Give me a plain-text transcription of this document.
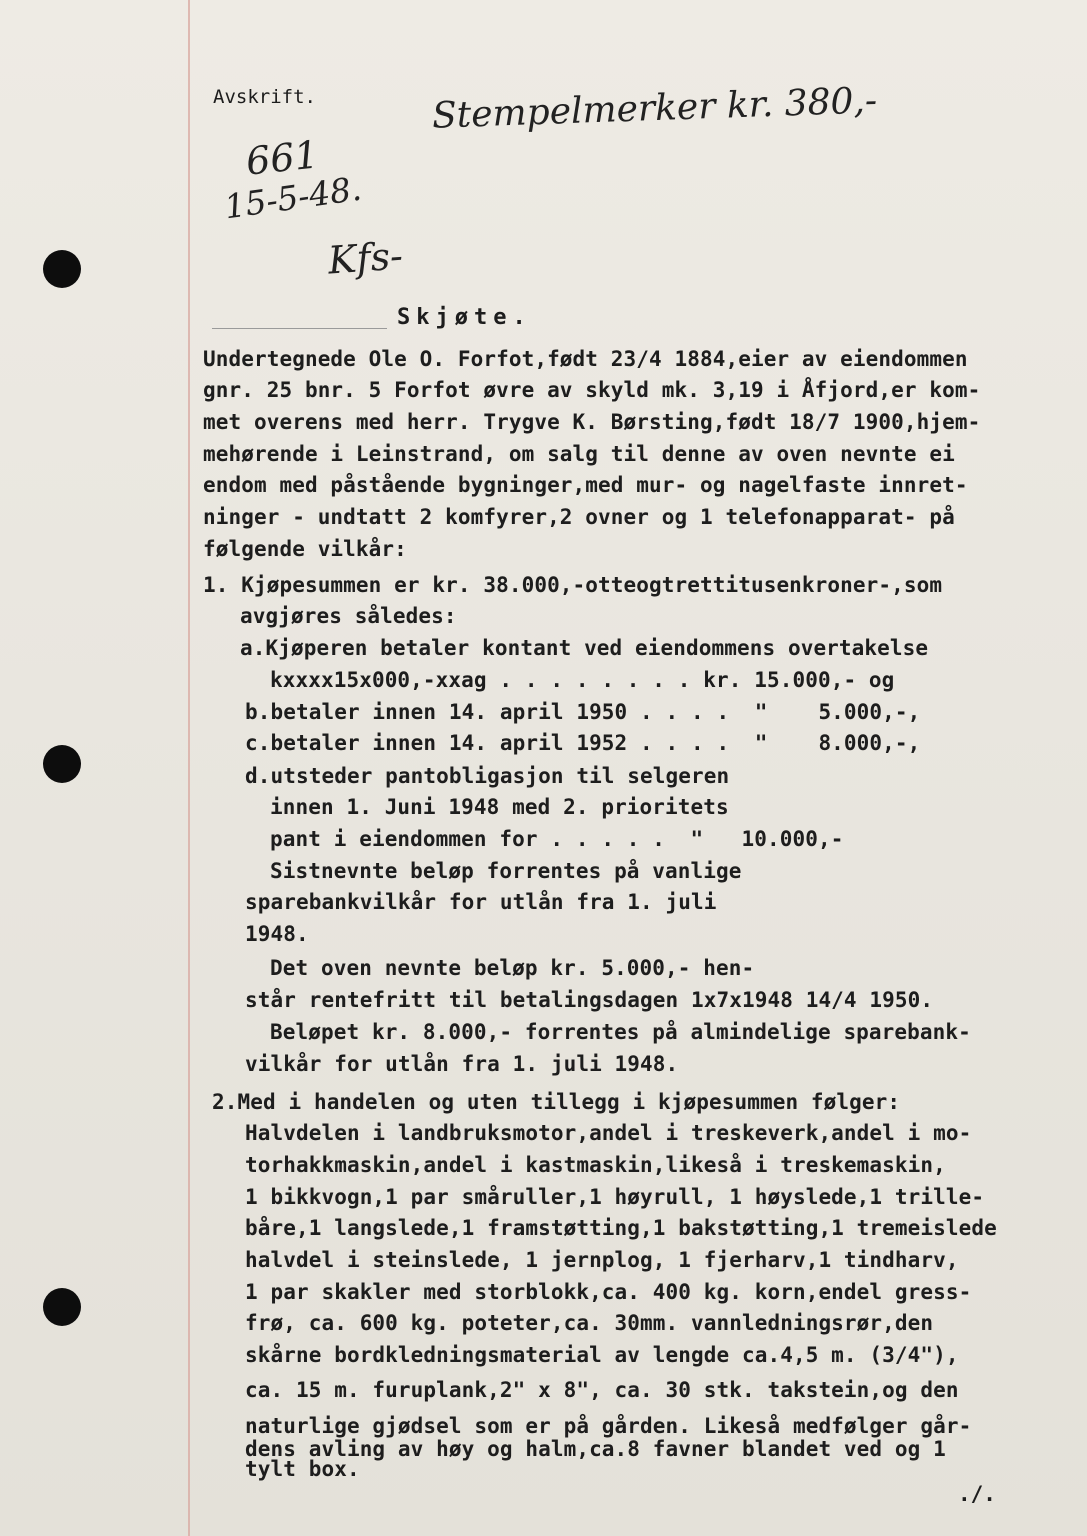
Avskrift.	Stempelmerker kr. 380,-
661
15-5-48.
Kfs-
Skjøte.
Undertegnede Ole O. Forfot,født 23/4 1884,eier av eiendommen
gnr. 25 bnr. 5 Forfot øvre av skyld mk. 3,19 i Åfjord,er kom-
met overens med herr. Trygve K. Børsting,født 18/7 1900,hjem-
mehørende i Leinstrand, om salg til denne av oven nevnte ei
endom med påstående bygninger,med mur- og nagelfaste innret-
ninger - undtatt 2 komfyrer,2 ovner og 1 telefonapparat- på
følgende vilkår:
1. Kjøpesummen er kr. 38.000,-otteogtrettitusenkroner-,som
avgjøres således:
a.Kjøperen betaler kontant ved eiendommens overtakelse
kxxxx15x000,-xxag . . . . . . . . kr. 15.000,- og
b.betaler innen 14. april 1950 . . . .  "    5.000,-,
c.betaler innen 14. april 1952 . . . .  "    8.000,-,
d.utsteder pantobligasjon til selgeren
innen 1. Juni 1948 med 2. prioritets
pant i eiendommen for . . . . .  "   10.000,-
Sistnevnte beløp forrentes på vanlige
sparebankvilkår for utlån fra 1. juli
1948.
Det oven nevnte beløp kr. 5.000,- hen-
står rentefritt til betalingsdagen 1x7x1948 14/4 1950.
Beløpet kr. 8.000,- forrentes på almindelige sparebank-
vilkår for utlån fra 1. juli 1948.
2.Med i handelen og uten tillegg i kjøpesummen følger:
Halvdelen i landbruksmotor,andel i treskeverk,andel i mo-
torhakkmaskin,andel i kastmaskin,likeså i treskemaskin,
1 bikkvogn,1 par småruller,1 høyrull, 1 høyslede,1 trille-
båre,1 langslede,1 framstøtting,1 bakstøtting,1 tremeislede
halvdel i steinslede, 1 jernplog, 1 fjerharv,1 tindharv,
1 par skakler med storblokk,ca. 400 kg. korn,endel gress-
frø, ca. 600 kg. poteter,ca. 30mm. vannledningsrør,den
skårne bordkledningsmaterial av lengde ca.4,5 m. (3/4"),
ca. 15 m. furuplank,2" x 8", ca. 30 stk. takstein,og den
naturlige gjødsel som er på gården. Likeså medfølger går-
dens avling av høy og halm,ca.8 favner blandet ved og 1
tylt box.
./.
